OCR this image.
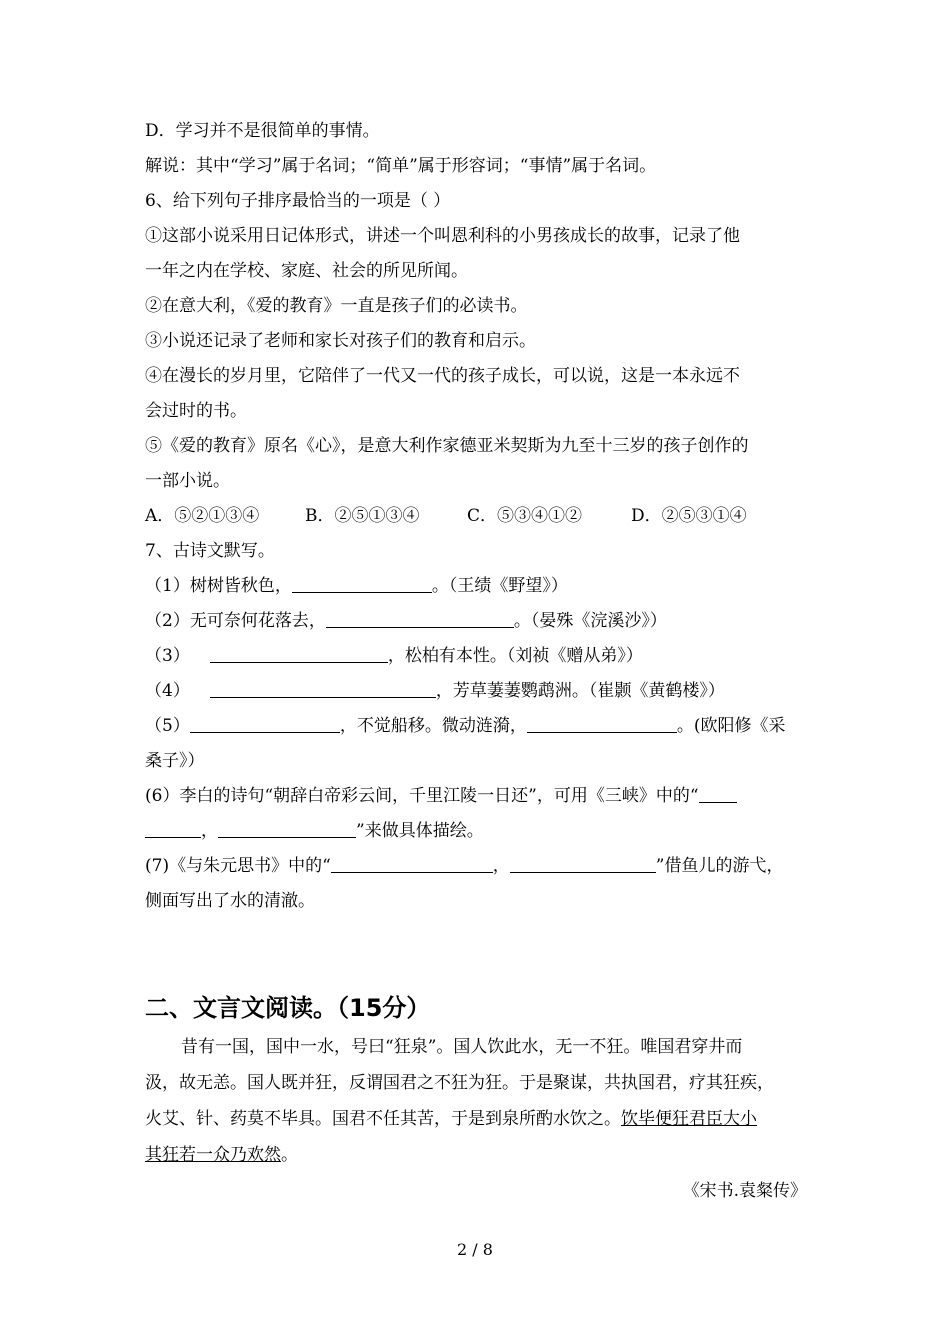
D．学习并不是很简单的事情。
解说：其中“学习”属于名词；“简单”属于形容词；“事情”属于名词。
6、给下列句子排序最恰当的一项是（ ）
①这部小说采用日记体形式，讲述一个叫恩利科的小男孩成长的故事，记录了他
一年之内在学校、家庭、社会的所见所闻。
②在意大利，《爱的教育》一直是孩子们的必读书。
③小说还记录了老师和家长对孩子们的教育和启示。
④在漫长的岁月里，它陪伴了一代又一代的孩子成长，可以说，这是一本永远不
会过时的书。
⑤《爱的教育》原名《心》，是意大利作家德亚米契斯为九至十三岁的孩子创作的
一部小说。
A．⑤②①③④	B．②⑤①③④	C．⑤③④①②	D．②⑤③①④
7、古诗文默写。
（1）树树皆秋色，	。（王绩《野望》）
（2）无可奈何花落去，	。（晏殊《浣溪沙》）
（3）	，松柏有本性。（刘祯《赠从弟》）
（4）	，芳草萋萋鹦鹉洲。（崔颢《黄鹤楼》）
（5）	，不觉船移。微动涟漪，	。(欧阳修《采
桑子》）
(6）李白的诗句“朝辞白帝彩云间，千里江陵一日还”，可用《三峡》中的“
，	”来做具体描绘。
(7)《与朱元思书》中的“	，	”借鱼儿的游弋，
侧面写出了水的清澈。
二、文言文阅读。（15分）
昔有一国，国中一水，号曰“狂泉”。国人饮此水，无一不狂。唯国君穿井而
汲，故无恙。国人既并狂，反谓国君之不狂为狂。于是聚谋，共执国君，疗其狂疾，
火艾、针、药莫不毕具。国君不任其苦，于是到泉所酌水饮之。饮毕便狂君臣大小
其狂若一众乃欢然。
《宋书.袁粲传》
2 / 8
